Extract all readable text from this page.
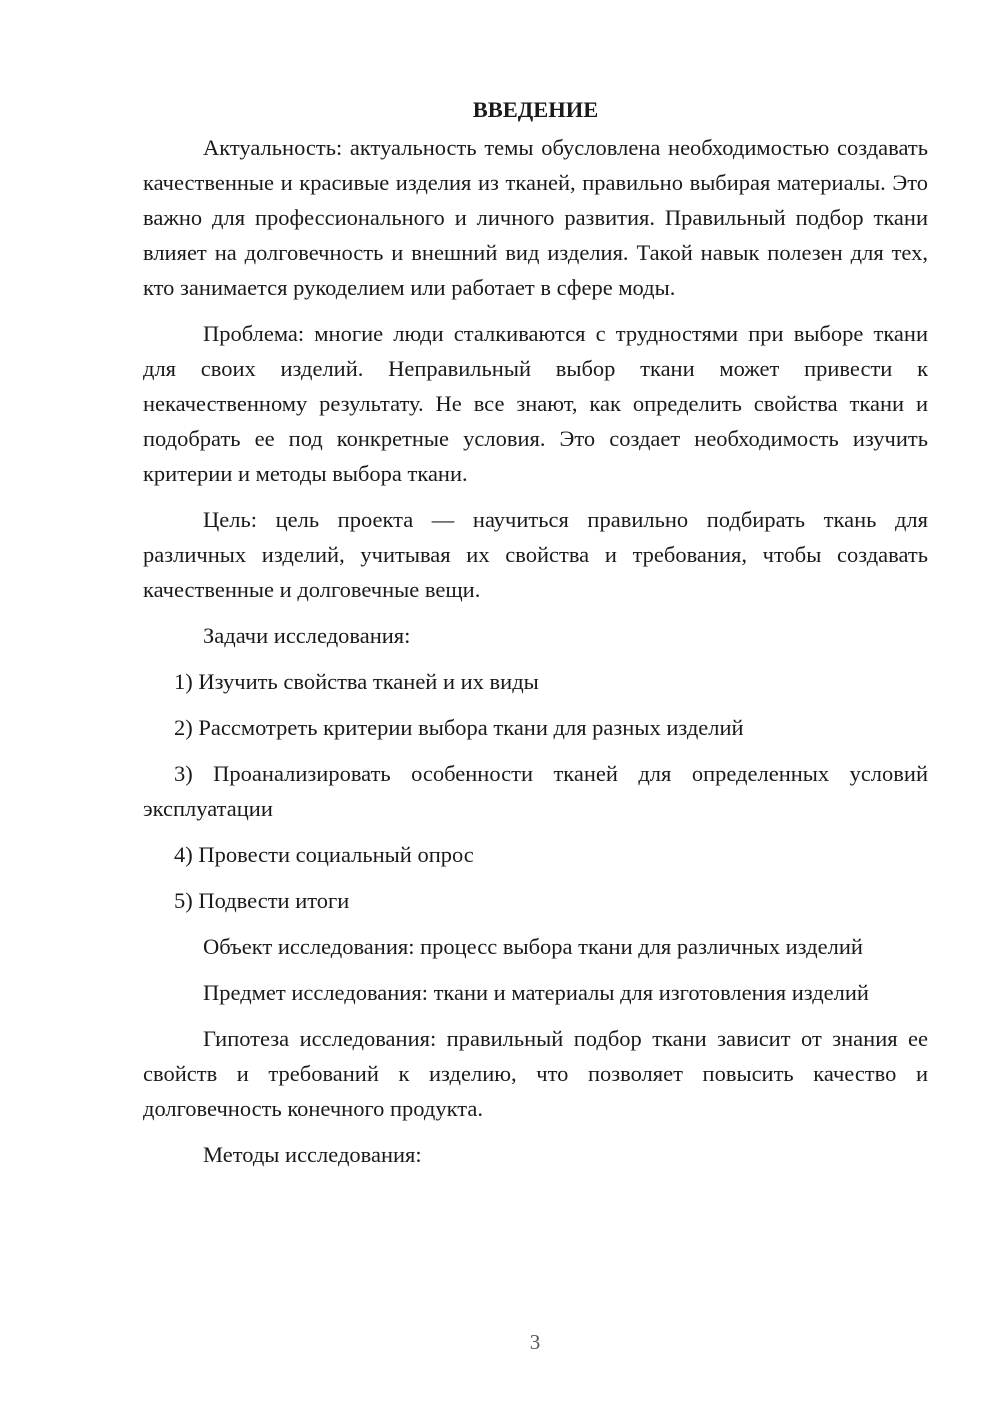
ВВЕДЕНИЕ

Актуальность: актуальность темы обусловлена необходимостью создавать качественные и красивые изделия из тканей, правильно выбирая материалы. Это важно для профессионального и личного развития. Правильный подбор ткани влияет на долговечность и внешний вид изделия. Такой навык полезен для тех, кто занимается рукоделием или работает в сфере моды.

Проблема: многие люди сталкиваются с трудностями при выборе ткани для своих изделий. Неправильный выбор ткани может привести к некачественному результату. Не все знают, как определить свойства ткани и подобрать ее под конкретные условия. Это создает необходимость изучить критерии и методы выбора ткани.

Цель: цель проекта — научиться правильно подбирать ткань для различных изделий, учитывая их свойства и требования, чтобы создавать качественные и долговечные вещи.

Задачи исследования:

1) Изучить свойства тканей и их виды

2) Рассмотреть критерии выбора ткани для разных изделий

3) Проанализировать особенности тканей для определенных условий эксплуатации

4) Провести социальный опрос

5) Подвести итоги

Объект исследования: процесс выбора ткани для различных изделий

Предмет исследования: ткани и материалы для изготовления изделий

Гипотеза исследования: правильный подбор ткани зависит от знания ее свойств и требований к изделию, что позволяет повысить качество и долговечность конечного продукта.

Методы исследования:

3
